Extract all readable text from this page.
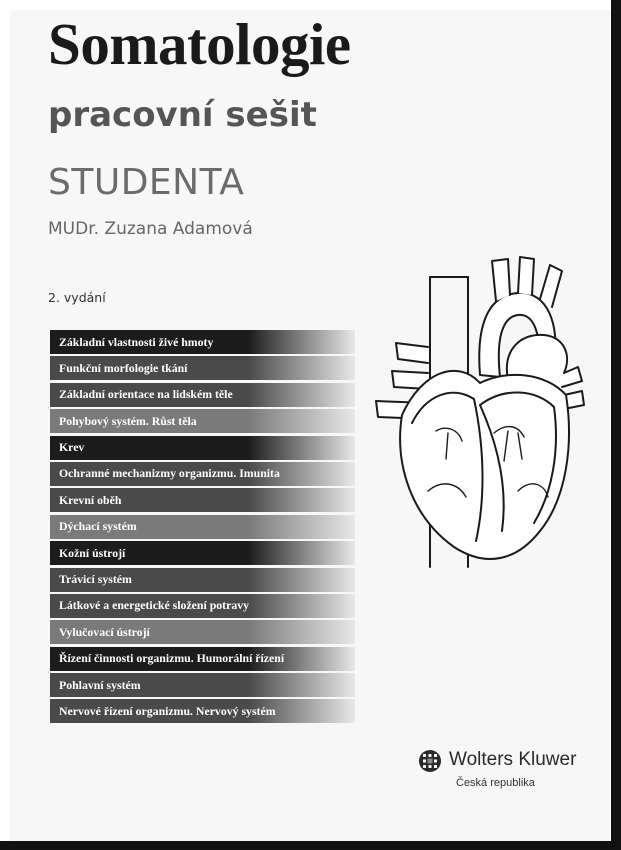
Somatologie
pracovní sešit
STUDENTA
MUDr. Zuzana Adamová
2. vydání
Základní vlastnosti živé hmoty
Funkční morfologie tkání
Základní orientace na lidském těle
Pohybový systém. Růst těla
Krev
Ochranné mechanizmy organizmu. Imunita
Krevní oběh
Dýchací systém
Kožní ústrojí
Trávicí systém
Látkové a energetické složení potravy
Vylučovací ústrojí
Řízení činnosti organizmu. Humorální řízení
Pohlavní systém
Nervové řízení organizmu. Nervový systém
Wolters Kluwer
Česká republika
